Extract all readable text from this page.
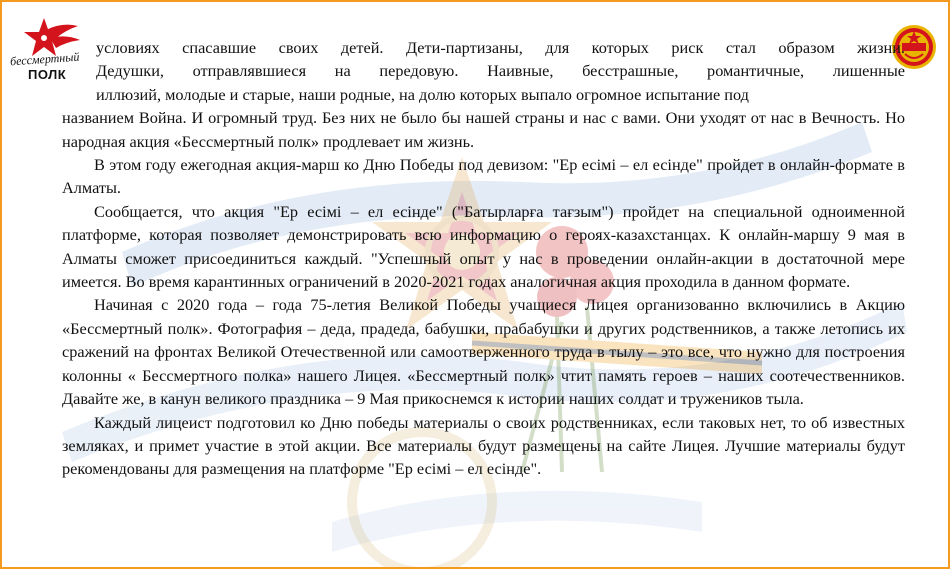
бессмертный
ПОЛК

условиях спасавшие своих детей. Дети-партизаны, для которых риск стал образом жизни.
Дедушки, отправлявшиеся на передовую. Наивные, бесстрашные, романтичные, лишенные
иллюзий, молодые и старые, наши родные, на долю которых выпало огромное испытание под
названием Война. И огромный труд. Без них не было бы нашей страны и нас с вами. Они уходят от нас в Вечность. Но народная акция «Бессмертный полк» продлевает им жизнь.

В этом году ежегодная акция-марш ко Дню Победы под девизом: "Ер есімі – ел есінде" пройдет в онлайн-формате в Алматы.

Сообщается, что акция "Ер есімі – ел есінде" ("Батырларға тағзым") пройдет на специальной одноименной платформе, которая позволяет демонстрировать всю информацию о героях-казахстанцах. К онлайн-маршу 9 мая в Алматы сможет присоединиться каждый. "Успешный опыт у нас в проведении онлайн-акции в достаточной мере имеется. Во время карантинных ограничений в 2020-2021 годах аналогичная акция проходила в данном формате.

Начиная с 2020 года – года 75-летия Великой Победы учащиеся Лицея организованно включились в Акцию «Бессмертный полк». Фотография – деда, прадеда, бабушки, прабабушки и других родственников, а также летопись их сражений на фронтах Великой Отечественной или самоотверженного труда в тылу – это все, что нужно для построения колонны « Бессмертного полка» нашего Лицея. «Бессмертный полк» чтит память героев – наших соотечественников. Давайте же, в канун великого праздника – 9 Мая прикоснемся к истории наших солдат и тружеников тыла.

Каждый лицеист подготовил ко Дню победы материалы о своих родственниках, если таковых нет, то об известных земляках, и примет участие в этой акции. Все материалы будут размещены на сайте Лицея. Лучшие материалы будут рекомендованы для размещения на платформе "Ер есімі – ел есінде".
